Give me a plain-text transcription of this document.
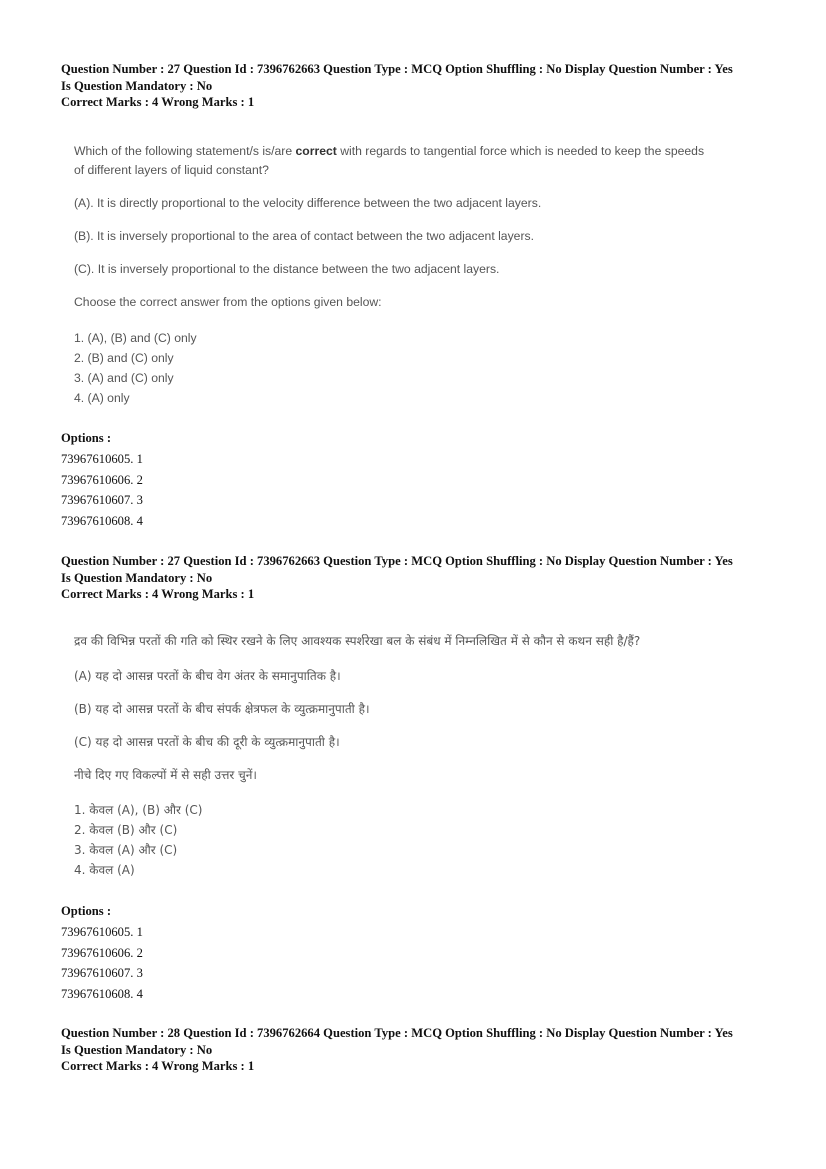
Question Number : 27 Question Id : 7396762663 Question Type : MCQ Option Shuffling : No Display Question Number : Yes
Is Question Mandatory : No
Correct Marks : 4 Wrong Marks : 1
Which of the following statement/s is/are correct with regards to tangential force which is needed to keep the speeds
of different layers of liquid constant?
(A). It is directly proportional to the velocity difference between the two adjacent layers.
(B). It is inversely proportional to the area of contact between the two adjacent layers.
(C). It is inversely proportional to the distance between the two adjacent layers.
Choose the correct answer from the options given below:
1. (A), (B) and (C) only
2. (B) and (C) only
3. (A) and (C) only
4. (A) only
Options :
73967610605. 1
73967610606. 2
73967610607. 3
73967610608. 4
Question Number : 27 Question Id : 7396762663 Question Type : MCQ Option Shuffling : No Display Question Number : Yes
Is Question Mandatory : No
Correct Marks : 4 Wrong Marks : 1
द्रव की विभिन्न परतों की गति को स्थिर रखने के लिए आवश्यक स्पर्शरेखा बल के संबंध में निम्नलिखित में से कौन से कथन सही है/हैं?
(A) यह दो आसन्न परतों के बीच वेग अंतर के समानुपातिक है।
(B) यह दो आसन्न परतों के बीच संपर्क क्षेत्रफल के व्युत्क्रमानुपाती है।
(C) यह दो आसन्न परतों के बीच की दूरी के व्युत्क्रमानुपाती है।
नीचे दिए गए विकल्पों में से सही उत्तर चुनें।
1. केवल (A), (B) और (C)
2. केवल (B) और (C)
3. केवल (A) और (C)
4. केवल (A)
Options :
73967610605. 1
73967610606. 2
73967610607. 3
73967610608. 4
Question Number : 28 Question Id : 7396762664 Question Type : MCQ Option Shuffling : No Display Question Number : Yes
Is Question Mandatory : No
Correct Marks : 4 Wrong Marks : 1
